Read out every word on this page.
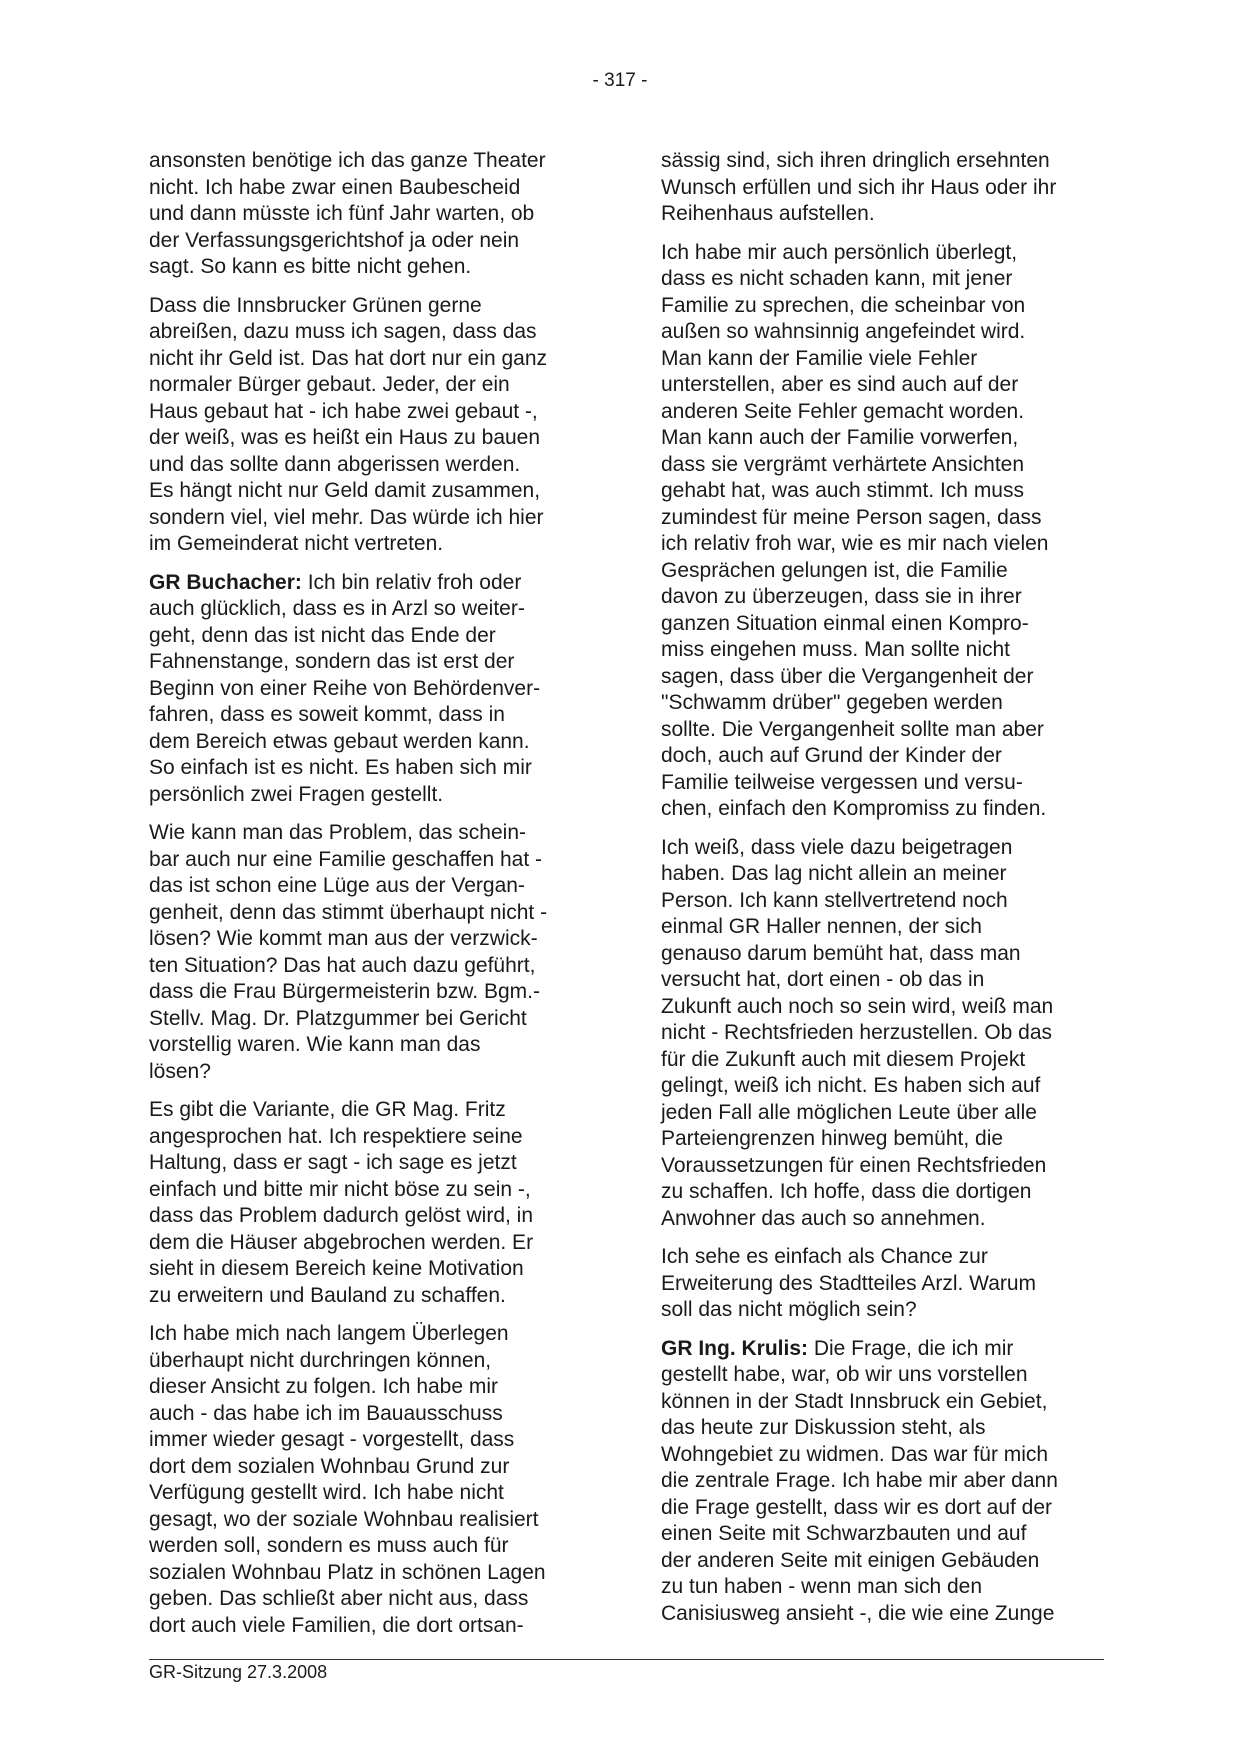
- 317 -

ansonsten benötige ich das ganze Theater
nicht. Ich habe zwar einen Baubescheid
und dann müsste ich fünf Jahr warten, ob
der Verfassungsgerichtshof ja oder nein
sagt. So kann es bitte nicht gehen.

Dass die Innsbrucker Grünen gerne
abreißen, dazu muss ich sagen, dass das
nicht ihr Geld ist. Das hat dort nur ein ganz
normaler Bürger gebaut. Jeder, der ein
Haus gebaut hat - ich habe zwei gebaut -,
der weiß, was es heißt ein Haus zu bauen
und das sollte dann abgerissen werden.
Es hängt nicht nur Geld damit zusammen,
sondern viel, viel mehr. Das würde ich hier
im Gemeinderat nicht vertreten.

GR Buchacher: Ich bin relativ froh oder
auch glücklich, dass es in Arzl so weiter-
geht, denn das ist nicht das Ende der
Fahnenstange, sondern das ist erst der
Beginn von einer Reihe von Behördenver-
fahren, dass es soweit kommt, dass in
dem Bereich etwas gebaut werden kann.
So einfach ist es nicht. Es haben sich mir
persönlich zwei Fragen gestellt.

Wie kann man das Problem, das schein-
bar auch nur eine Familie geschaffen hat -
das ist schon eine Lüge aus der Vergan-
genheit, denn das stimmt überhaupt nicht -
lösen? Wie kommt man aus der verzwick-
ten Situation? Das hat auch dazu geführt,
dass die Frau Bürgermeisterin bzw. Bgm.-
Stellv. Mag. Dr. Platzgummer bei Gericht
vorstellig waren. Wie kann man das
lösen?

Es gibt die Variante, die GR Mag. Fritz
angesprochen hat. Ich respektiere seine
Haltung, dass er sagt - ich sage es jetzt
einfach und bitte mir nicht böse zu sein -,
dass das Problem dadurch gelöst wird, in
dem die Häuser abgebrochen werden. Er
sieht in diesem Bereich keine Motivation
zu erweitern und Bauland zu schaffen.

Ich habe mich nach langem Überlegen
überhaupt nicht durchringen können,
dieser Ansicht zu folgen. Ich habe mir
auch - das habe ich im Bauausschuss
immer wieder gesagt - vorgestellt, dass
dort dem sozialen Wohnbau Grund zur
Verfügung gestellt wird. Ich habe nicht
gesagt, wo der soziale Wohnbau realisiert
werden soll, sondern es muss auch für
sozialen Wohnbau Platz in schönen Lagen
geben. Das schließt aber nicht aus, dass
dort auch viele Familien, die dort ortsan-

sässig sind, sich ihren dringlich ersehnten
Wunsch erfüllen und sich ihr Haus oder ihr
Reihenhaus aufstellen.

Ich habe mir auch persönlich überlegt,
dass es nicht schaden kann, mit jener
Familie zu sprechen, die scheinbar von
außen so wahnsinnig angefeindet wird.
Man kann der Familie viele Fehler
unterstellen, aber es sind auch auf der
anderen Seite Fehler gemacht worden.
Man kann auch der Familie vorwerfen,
dass sie vergrämt verhärtete Ansichten
gehabt hat, was auch stimmt. Ich muss
zumindest für meine Person sagen, dass
ich relativ froh war, wie es mir nach vielen
Gesprächen gelungen ist, die Familie
davon zu überzeugen, dass sie in ihrer
ganzen Situation einmal einen Kompro-
miss eingehen muss. Man sollte nicht
sagen, dass über die Vergangenheit der
"Schwamm drüber" gegeben werden
sollte. Die Vergangenheit sollte man aber
doch, auch auf Grund der Kinder der
Familie teilweise vergessen und versu-
chen, einfach den Kompromiss zu finden.

Ich weiß, dass viele dazu beigetragen
haben. Das lag nicht allein an meiner
Person. Ich kann stellvertretend noch
einmal GR Haller nennen, der sich
genauso darum bemüht hat, dass man
versucht hat, dort einen - ob das in
Zukunft auch noch so sein wird, weiß man
nicht - Rechtsfrieden herzustellen. Ob das
für die Zukunft auch mit diesem Projekt
gelingt, weiß ich nicht. Es haben sich auf
jeden Fall alle möglichen Leute über alle
Parteiengrenzen hinweg bemüht, die
Voraussetzungen für einen Rechtsfrieden
zu schaffen. Ich hoffe, dass die dortigen
Anwohner das auch so annehmen.

Ich sehe es einfach als Chance zur
Erweiterung des Stadtteiles Arzl. Warum
soll das nicht möglich sein?

GR Ing. Krulis: Die Frage, die ich mir
gestellt habe, war, ob wir uns vorstellen
können in der Stadt Innsbruck ein Gebiet,
das heute zur Diskussion steht, als
Wohngebiet zu widmen. Das war für mich
die zentrale Frage. Ich habe mir aber dann
die Frage gestellt, dass wir es dort auf der
einen Seite mit Schwarzbauten und auf
der anderen Seite mit einigen Gebäuden
zu tun haben - wenn man sich den
Canisiusweg ansieht -, die wie eine Zunge

GR-Sitzung 27.3.2008
